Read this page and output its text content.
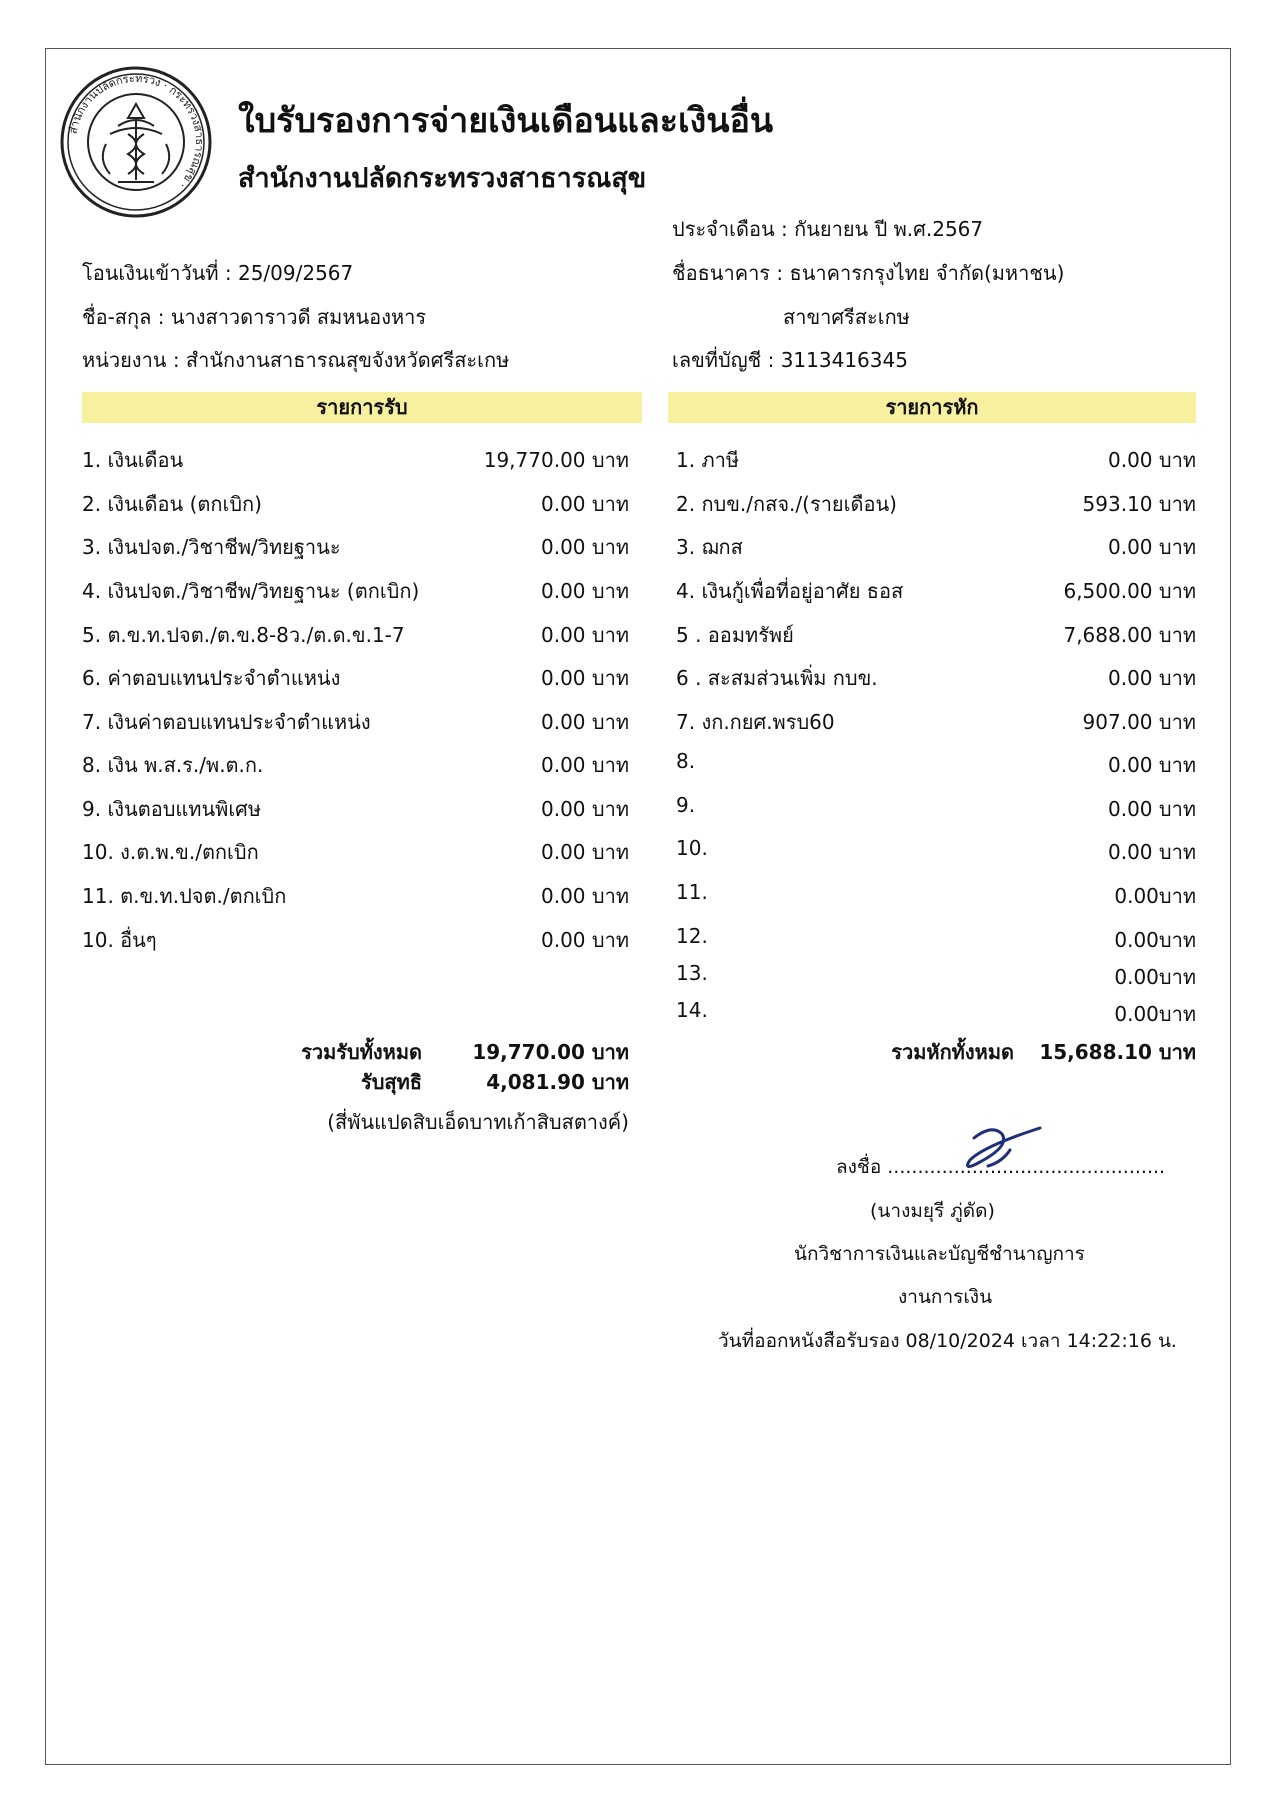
สำนักงานปลัดกระทรวง · กระทรวงสาธารณสุข ·
ใบรับรองการจ่ายเงินเดือนและเงินอื่น
สำนักงานปลัดกระทรวงสาธารณสุข
ประจำเดือน : กันยายน ปี พ.ศ.2567
โอนเงินเข้าวันที่ : 25/09/2567	ชื่อธนาคาร : ธนาคารกรุงไทย จำกัด(มหาชน)
ชื่อ-สกุล : นางสาวดาราวดี สมหนองหาร	สาขาศรีสะเกษ
หน่วยงาน : สำนักงานสาธารณสุขจังหวัดศรีสะเกษ	เลขที่บัญชี : 3113416345
รายการรับ	รายการหัก
1. เงินเดือน	19,770.00 บาท
2. เงินเดือน (ตกเบิก)	0.00 บาท
3. เงินปจต./วิชาชีพ/วิทยฐานะ	0.00 บาท
4. เงินปจต./วิชาชีพ/วิทยฐานะ (ตกเบิก)	0.00 บาท
5. ต.ข.ท.ปจต./ต.ข.8-8ว./ต.ด.ข.1-7	0.00 บาท
6. ค่าตอบแทนประจำตำแหน่ง	0.00 บาท
7. เงินค่าตอบแทนประจำตำแหน่ง	0.00 บาท
8. เงิน พ.ส.ร./พ.ต.ก.	0.00 บาท
9. เงินตอบแทนพิเศษ	0.00 บาท
10. ง.ต.พ.ข./ตกเบิก	0.00 บาท
11. ต.ข.ท.ปจต./ตกเบิก	0.00 บาท
10. อื่นๆ	0.00 บาท
1. ภาษี	0.00 บาท
2. กบข./กสจ./(รายเดือน)	593.10 บาท
3. ฌกส	0.00 บาท
4. เงินกู้เพื่อที่อยู่อาศัย ธอส	6,500.00 บาท
5 . ออมทรัพย์	7,688.00 บาท
6 . สะสมส่วนเพิ่ม กบข.	0.00 บาท
7. งก.กยศ.พรบ60	907.00 บาท
8.	0.00 บาท
9.	0.00 บาท
10.	0.00 บาท
11.	0.00บาท
12.	0.00บาท
13.	0.00บาท
14.	0.00บาท
รวมรับทั้งหมด	19,770.00 บาท
รับสุทธิ	4,081.90 บาท
(สี่พันแปดสิบเอ็ดบาทเก้าสิบสตางค์)
รวมหักทั้งหมด 15,688.10 บาท
ลงชื่อ ..............................................
(นางมยุรี ภู่ดัด)
นักวิชาการเงินและบัญชีชำนาญการ
งานการเงิน
วันที่ออกหนังสือรับรอง 08/10/2024 เวลา 14:22:16 น.
